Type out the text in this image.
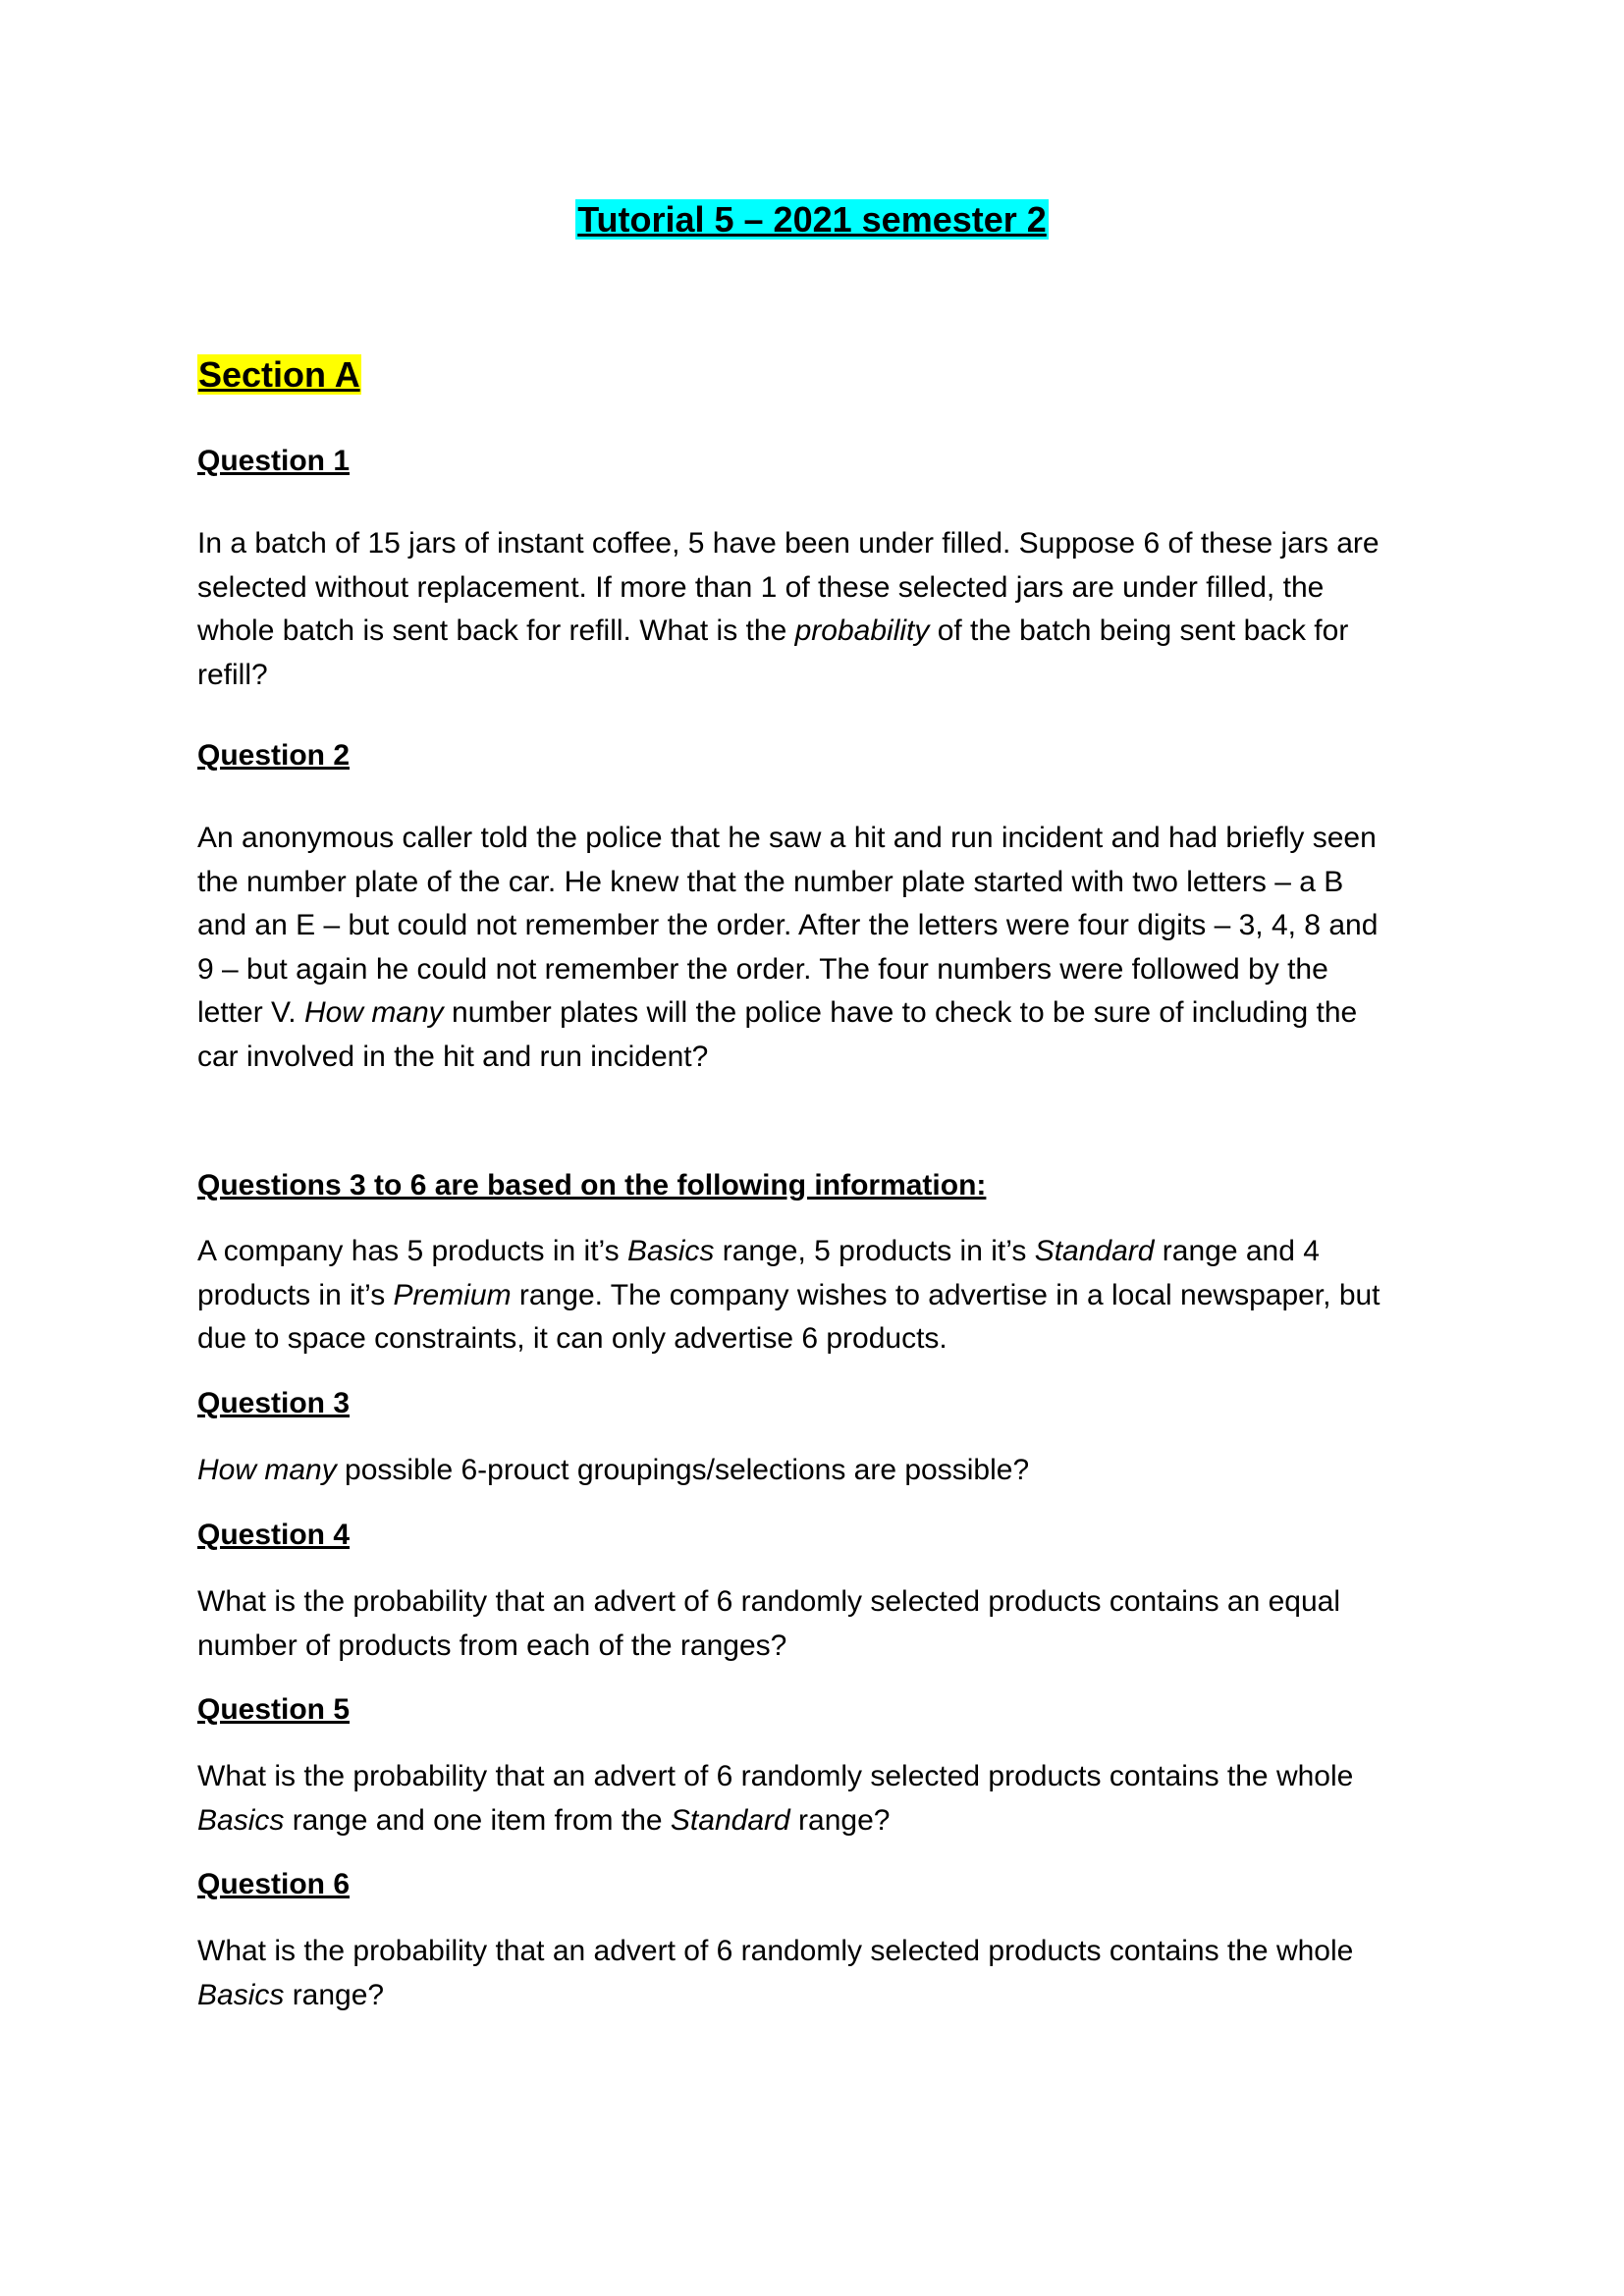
Tutorial 5 – 2021 semester 2
Section A
Question 1
In a batch of 15 jars of instant coffee, 5 have been under filled. Suppose 6 of these jars are
selected without replacement. If more than 1 of these selected jars are under filled, the
whole batch is sent back for refill. What is the probability of the batch being sent back for
refill?
Question 2
An anonymous caller told the police that he saw a hit and run incident and had briefly seen
the number plate of the car. He knew that the number plate started with two letters – a B
and an E – but could not remember the order. After the letters were four digits – 3, 4, 8 and
9 – but again he could not remember the order. The four numbers were followed by the
letter V. How many number plates will the police have to check to be sure of including the
car involved in the hit and run incident?
Questions 3 to 6 are based on the following information:
A company has 5 products in it’s Basics range, 5 products in it’s Standard range and 4
products in it’s Premium range. The company wishes to advertise in a local newspaper, but
due to space constraints, it can only advertise 6 products.
Question 3
How many possible 6-prouct groupings/selections are possible?
Question 4
What is the probability that an advert of 6 randomly selected products contains an equal
number of products from each of the ranges?
Question 5
What is the probability that an advert of 6 randomly selected products contains the whole
Basics range and one item from the Standard range?
Question 6
What is the probability that an advert of 6 randomly selected products contains the whole
Basics range?
